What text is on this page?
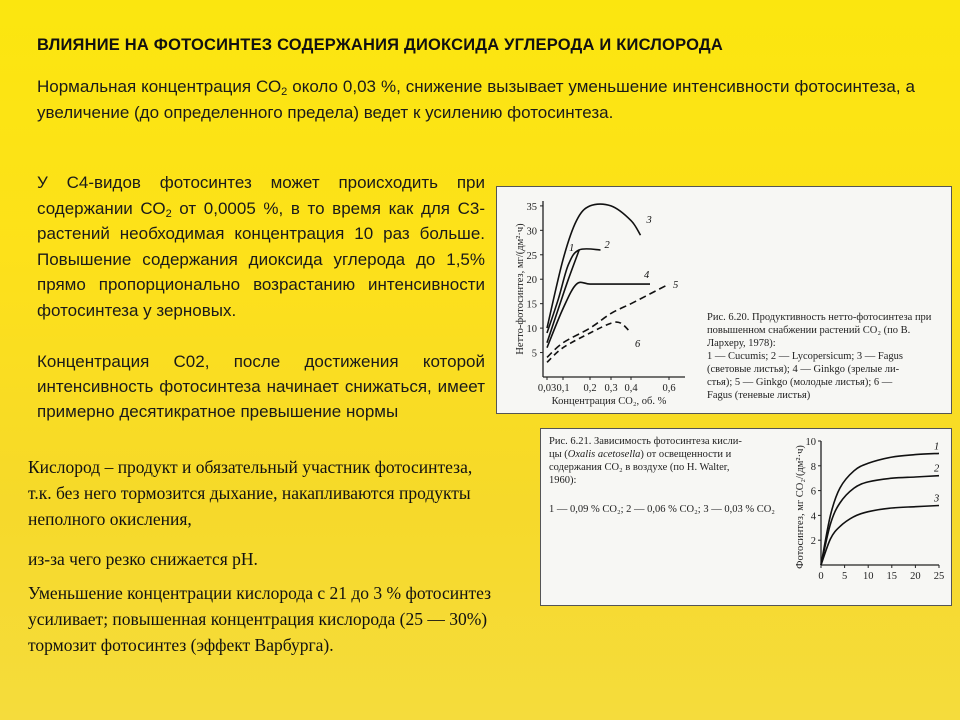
ВЛИЯНИЕ НА ФОТОСИНТЕЗ СОДЕРЖАНИЯ ДИОКСИДА УГЛЕРОДА И КИСЛОРОДА
Нормальная концентрация $СО_2$ около 0,03 %, снижение вызывает уменьшение интенсивности фотосинтеза, а увеличение (до определенного предела) ведет к усилению фотосинтеза.
У С4-видов фотосинтез может происходить при содержании $СО_2$ от 0,0005 %, в то время как для С3-растений необходимая концентрация 10 раз больше. Повышение содержания диоксида углерода до 1,5% прямо пропорционально возрастанию интенсивности фотосинтеза у зерновых.
Концентрация С02, после достижения которой интенсивность фотосинтеза начинает снижаться, имеет примерно десятикратное превышение нормы
Кислород – продукт и обязательный участник фотосинтеза, т.к. без него тормозится дыхание, накапливаются продукты неполного окисления,
из-за чего резко снижается рН.
Уменьшение концентрации кислорода с 21 до 3 % фотосинтез усиливает; повышенная концентрация кислорода (25 — 30%) тормозит фотосинтез (эффект Варбурга).
5
10
15
20
25
30
35
0,03 0,1 0,2 0,3 0,4 0,6
Концентрация СО₂, об. %
Нетто-фотосинтез, мг/(дм²·ч)	1	2
3
4
5
6
Рис. 6.20. Продуктивность нетто-фотосинтеза при повышенном снабжении растений СО₂ (по В. Лархеру, 1978):
1 — Cucumis; 2 — Lycopersicum; 3 — Fagus
(световые листья); 4 — Ginkgo (зрелые ли-
стья); 5 — Ginkgo (молодые листья); 6 —
Fagus (теневые листья)
2
4
6
8
10
0 5 10 15 20 25
Фотосинтез, мг СО₂/(дм²·ч)	1
2
3
Рис. 6.21. Зависимость фотосинтеза кисли-
цы (Oxalis acetosella) от освещенности и
содержания СО₂ в воздухе (по H. Walter,
1960):
1 — 0,09 % СО₂; 2 — 0,06 % СО₂; 3 — 0,03 % СО₂
